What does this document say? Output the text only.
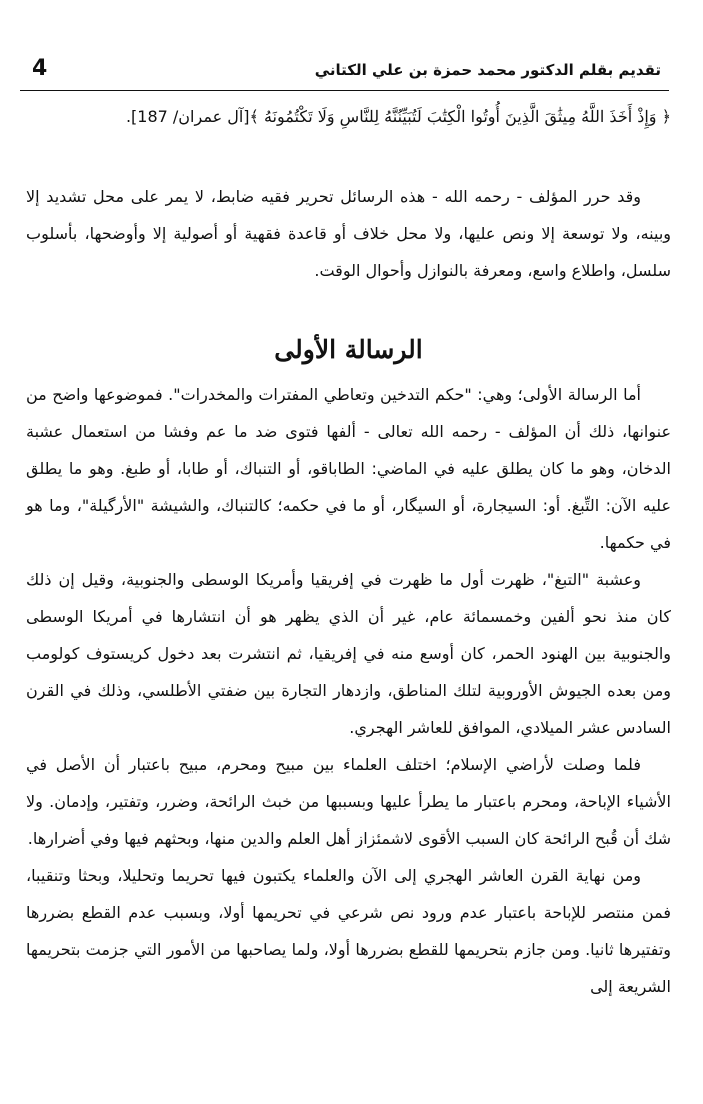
4	تقديم بقلم الدكتور محمد حمزة بن علي الكتاني

﴿ وَإِذْ أَخَذَ اللَّهُ مِيثَٰقَ الَّذِينَ أُوتُوا الْكِتَٰبَ لَتُبَيِّنُنَّهُ لِلنَّاسِ وَلَا تَكْتُمُونَهُ ﴾[آل عمران/ 187].

وقد حرر المؤلف - رحمه الله - هذه الرسائل تحرير فقيه ضابط، لا يمر على محل تشديد إلا وبينه، ولا توسعة إلا ونص عليها، ولا محل خلاف أو قاعدة فقهية أو أصولية إلا وأوضحها، بأسلوب سلسل، واطلاع واسع، ومعرفة بالنوازل وأحوال الوقت.

الرسالة الأولى

أما الرسالة الأولى؛ وهي: "حكم التدخين وتعاطي المفترات والمخدرات". فموضوعها واضح من عنوانها، ذلك أن المؤلف - رحمه الله تعالى - ألفها فتوى ضد ما عم وفشا من استعمال عشبة الدخان، وهو ما كان يطلق عليه في الماضي: الطاباقو، أو التنباك، أو طابا، أو طبغ. وهو ما يطلق عليه الآن: التِّبغ. أو: السيجارة، أو السيگار، أو ما في حكمه؛ كالتنباك، والشيشة "الأرگيلة"، وما هو في حكمها.

وعشبة "التبغ"، ظهرت أول ما ظهرت في إفريقيا وأمريكا الوسطى والجنوبية، وقيل إن ذلك كان منذ نحو ألفين وخمسمائة عام، غير أن الذي يظهر هو أن انتشارها في أمريكا الوسطى والجنوبية بين الهنود الحمر، كان أوسع منه في إفريقيا، ثم انتشرت بعد دخول كريستوف كولومب ومن بعده الجيوش الأوروبية لتلك المناطق، وازدهار التجارة بين ضفتي الأطلسي، وذلك في القرن السادس عشر الميلادي، الموافق للعاشر الهجري.

فلما وصلت لأراضي الإسلام؛ اختلف العلماء بين مبيح ومحرم، مبيح باعتبار أن الأصل في الأشياء الإباحة، ومحرم باعتبار ما يطرأ عليها وبسببها من خبث الرائحة، وضرر، وتفتير، وإدمان. ولا شك أن قُبح الرائحة كان السبب الأقوى لاشمئزاز أهل العلم والدين منها، وبحثهم فيها وفي أضرارها.

ومن نهاية القرن العاشر الهجري إلى الآن والعلماء يكتبون فيها تحريما وتحليلا، وبحثا وتنقيبا، فمن منتصر للإباحة باعتبار عدم ورود نص شرعي في تحريمها أولا، وبسبب عدم القطع بضررها وتفتيرها ثانيا. ومن جازم بتحريمها للقطع بضررها أولا، ولما يصاحبها من الأمور التي جزمت بتحريمها الشريعة إلى
